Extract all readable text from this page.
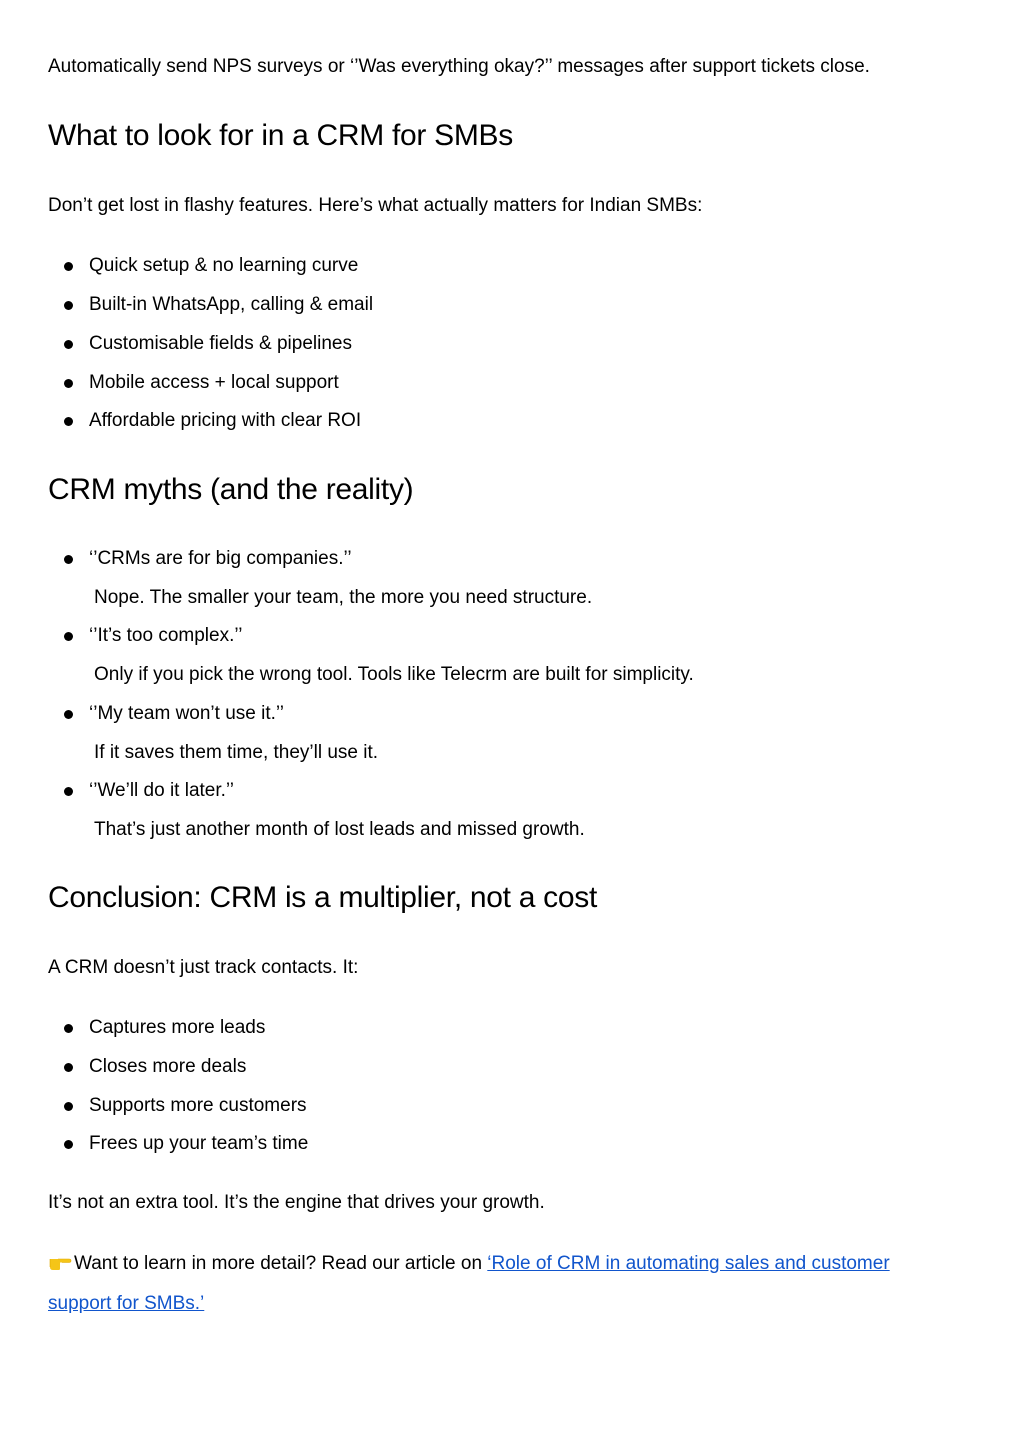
Automatically send NPS surveys or ‘’Was everything okay?’’ messages after support tickets close.

What to look for in a CRM for SMBs

Don’t get lost in flashy features. Here’s what actually matters for Indian SMBs:

Quick setup & no learning curve
Built-in WhatsApp, calling & email
Customisable fields & pipelines
Mobile access + local support
Affordable pricing with clear ROI
CRM myths (and the reality)
‘’CRMs are for big companies.’’
Nope. The smaller your team, the more you need structure.
‘’It’s too complex.’’
Only if you pick the wrong tool. Tools like Telecrm are built for simplicity.
‘’My team won’t use it.’’
If it saves them time, they’ll use it.
‘’We’ll do it later.’’
That’s just another month of lost leads and missed growth.
Conclusion: CRM is a multiplier, not a cost

A CRM doesn’t just track contacts. It:

Captures more leads
Closes more deals
Supports more customers
Frees up your team’s time

It’s not an extra tool. It’s the engine that drives your growth.

Want to learn in more detail? Read our article on ‘Role of CRM in automating sales and customer

support for SMBs.’
